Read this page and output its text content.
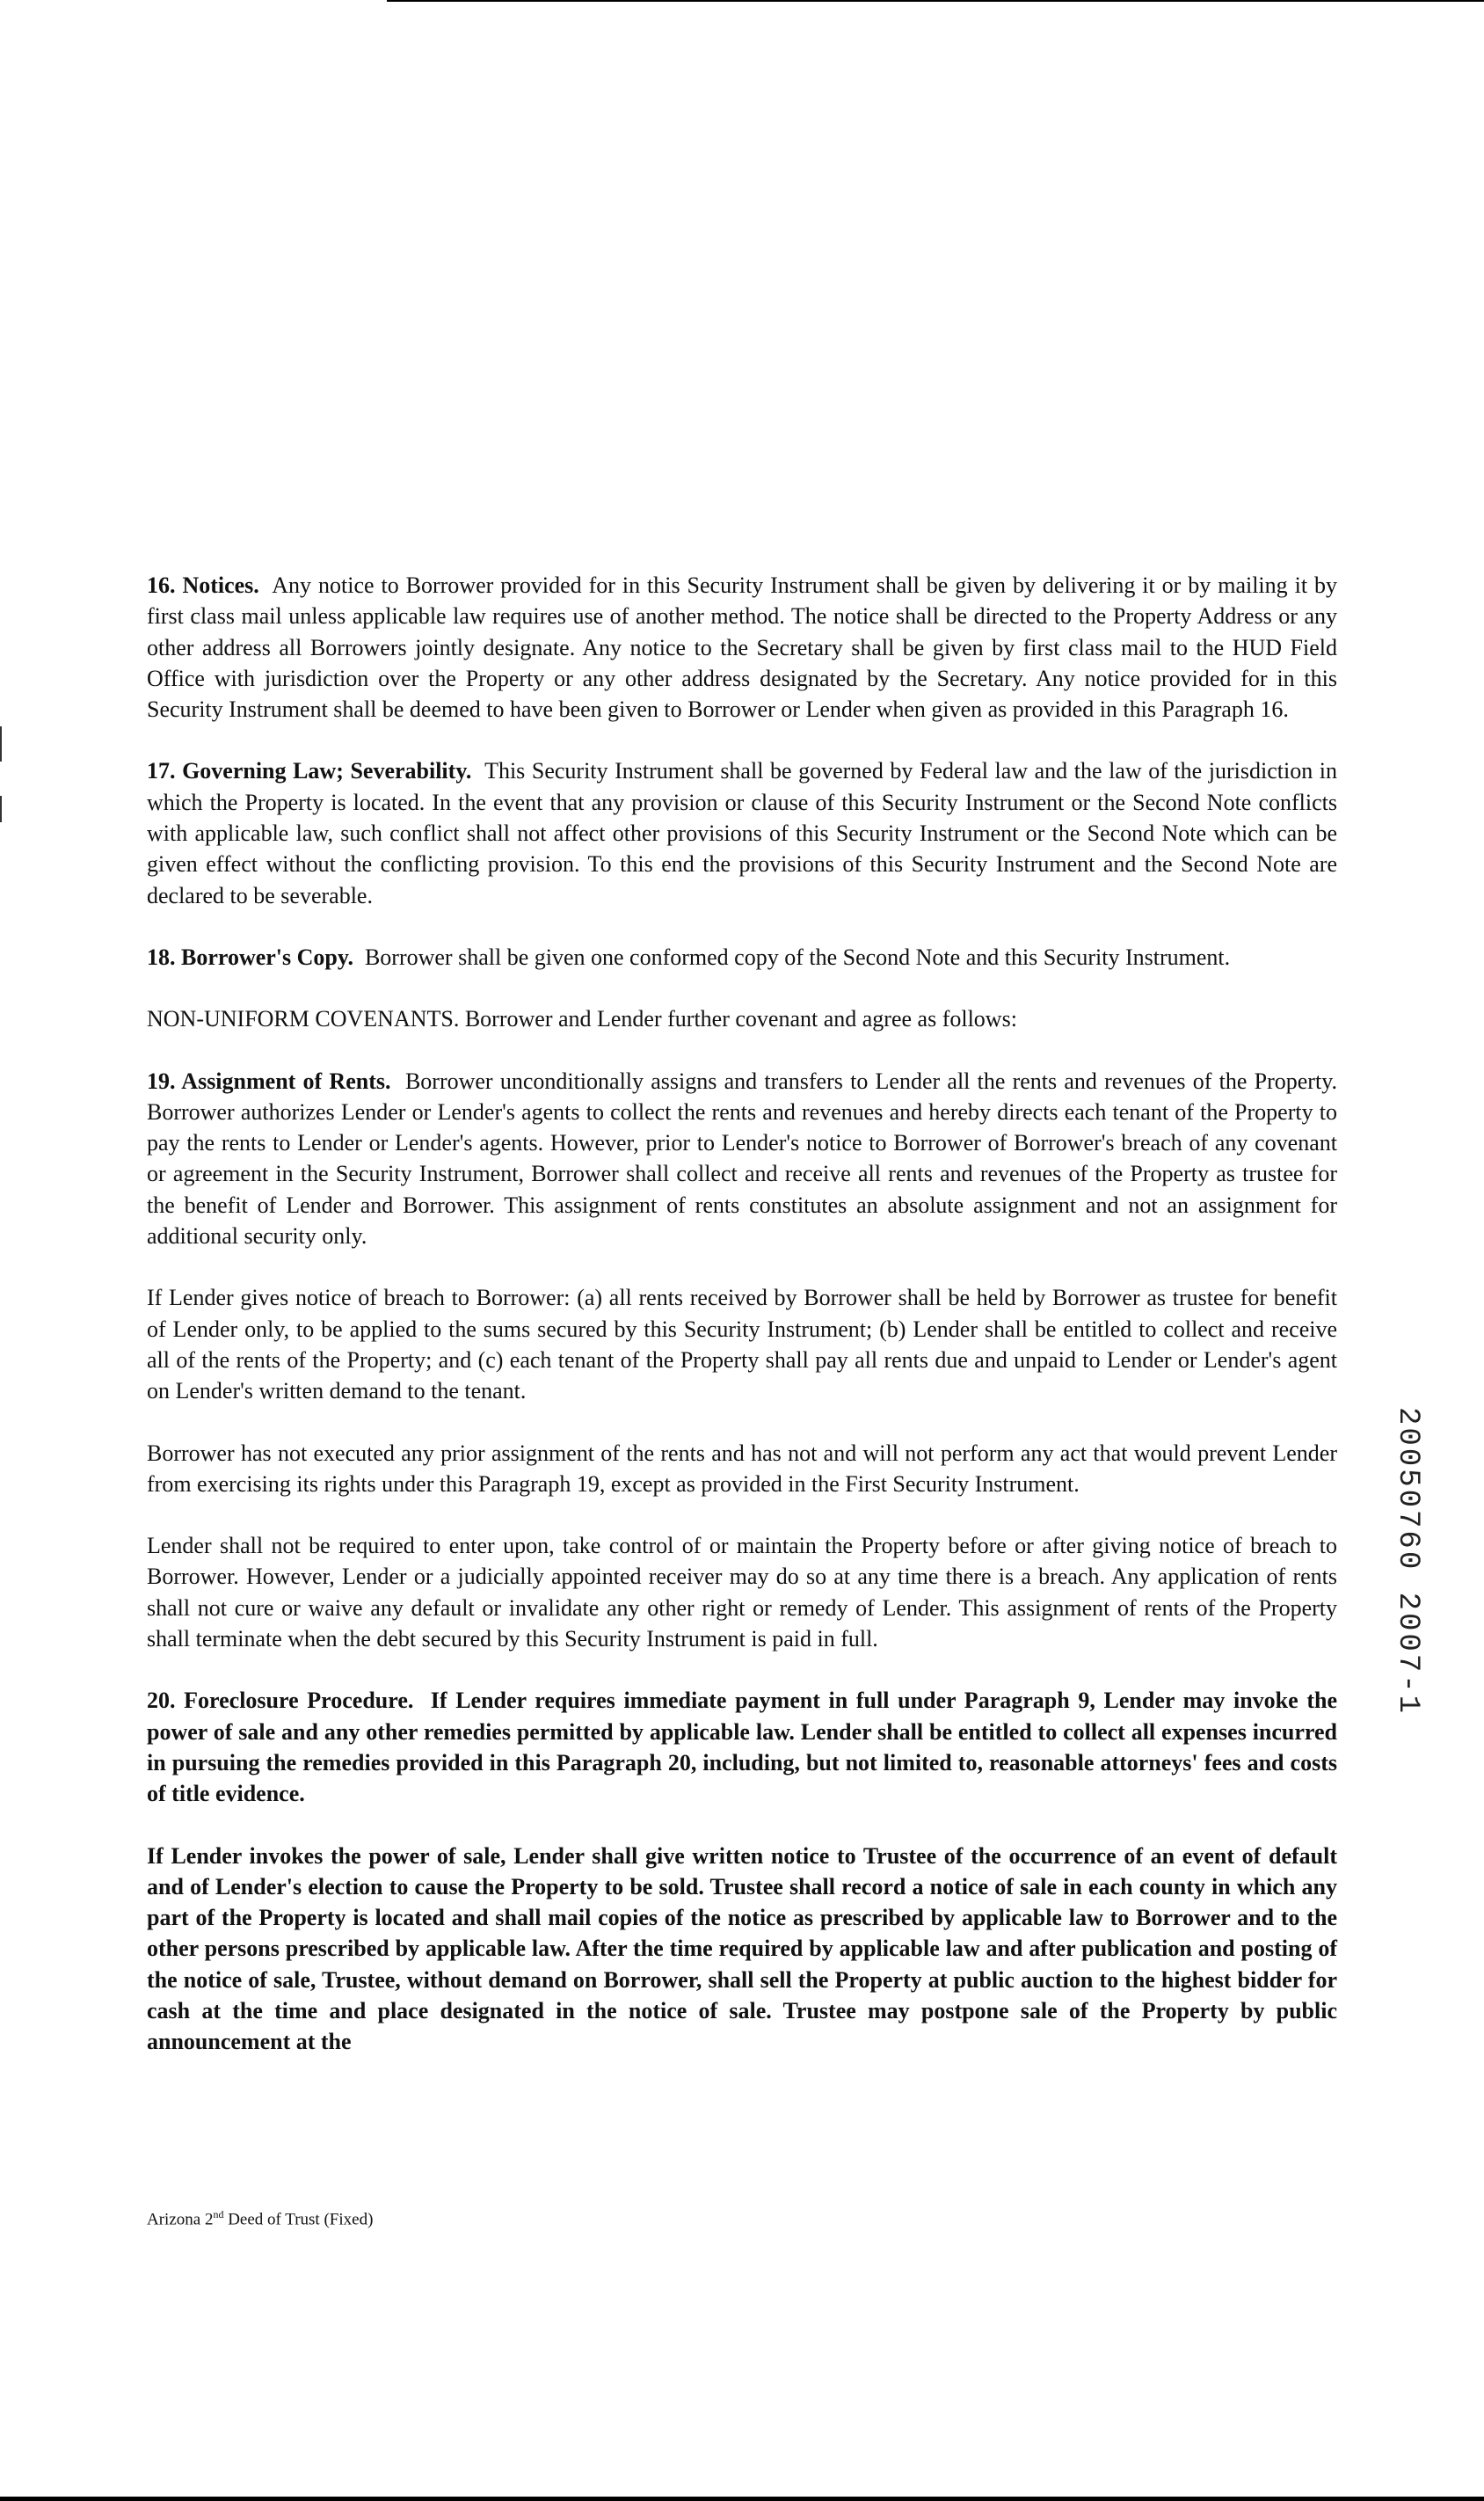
16. Notices. Any notice to Borrower provided for in this Security Instrument shall be given by delivering it or by mailing it by first class mail unless applicable law requires use of another method. The notice shall be directed to the Property Address or any other address all Borrowers jointly designate. Any notice to the Secretary shall be given by first class mail to the HUD Field Office with jurisdiction over the Property or any other address designated by the Secretary. Any notice provided for in this Security Instrument shall be deemed to have been given to Borrower or Lender when given as provided in this Paragraph 16.

17. Governing Law; Severability. This Security Instrument shall be governed by Federal law and the law of the jurisdiction in which the Property is located. In the event that any provision or clause of this Security Instrument or the Second Note conflicts with applicable law, such conflict shall not affect other provisions of this Security Instrument or the Second Note which can be given effect without the conflicting provision. To this end the provisions of this Security Instrument and the Second Note are declared to be severable.

18. Borrower's Copy. Borrower shall be given one conformed copy of the Second Note and this Security Instrument.

NON-UNIFORM COVENANTS. Borrower and Lender further covenant and agree as follows:

19. Assignment of Rents. Borrower unconditionally assigns and transfers to Lender all the rents and revenues of the Property. Borrower authorizes Lender or Lender's agents to collect the rents and revenues and hereby directs each tenant of the Property to pay the rents to Lender or Lender's agents. However, prior to Lender's notice to Borrower of Borrower's breach of any covenant or agreement in the Security Instrument, Borrower shall collect and receive all rents and revenues of the Property as trustee for the benefit of Lender and Borrower. This assignment of rents constitutes an absolute assignment and not an assignment for additional security only.

If Lender gives notice of breach to Borrower: (a) all rents received by Borrower shall be held by Borrower as trustee for benefit of Lender only, to be applied to the sums secured by this Security Instrument; (b) Lender shall be entitled to collect and receive all of the rents of the Property; and (c) each tenant of the Property shall pay all rents due and unpaid to Lender or Lender's agent on Lender's written demand to the tenant.

Borrower has not executed any prior assignment of the rents and has not and will not perform any act that would prevent Lender from exercising its rights under this Paragraph 19, except as provided in the First Security Instrument.

Lender shall not be required to enter upon, take control of or maintain the Property before or after giving notice of breach to Borrower. However, Lender or a judicially appointed receiver may do so at any time there is a breach. Any application of rents shall not cure or waive any default or invalidate any other right or remedy of Lender. This assignment of rents of the Property shall terminate when the debt secured by this Security Instrument is paid in full.

20. Foreclosure Procedure. If Lender requires immediate payment in full under Paragraph 9, Lender may invoke the power of sale and any other remedies permitted by applicable law. Lender shall be entitled to collect all expenses incurred in pursuing the remedies provided in this Paragraph 20, including, but not limited to, reasonable attorneys' fees and costs of title evidence.

If Lender invokes the power of sale, Lender shall give written notice to Trustee of the occurrence of an event of default and of Lender's election to cause the Property to be sold. Trustee shall record a notice of sale in each county in which any part of the Property is located and shall mail copies of the notice as prescribed by applicable law to Borrower and to the other persons prescribed by applicable law. After the time required by applicable law and after publication and posting of the notice of sale, Trustee, without demand on Borrower, shall sell the Property at public auction to the highest bidder for cash at the time and place designated in the notice of sale. Trustee may postpone sale of the Property by public announcement at the

Arizona 2nd Deed of Trust (Fixed)
20050760 2007-1
